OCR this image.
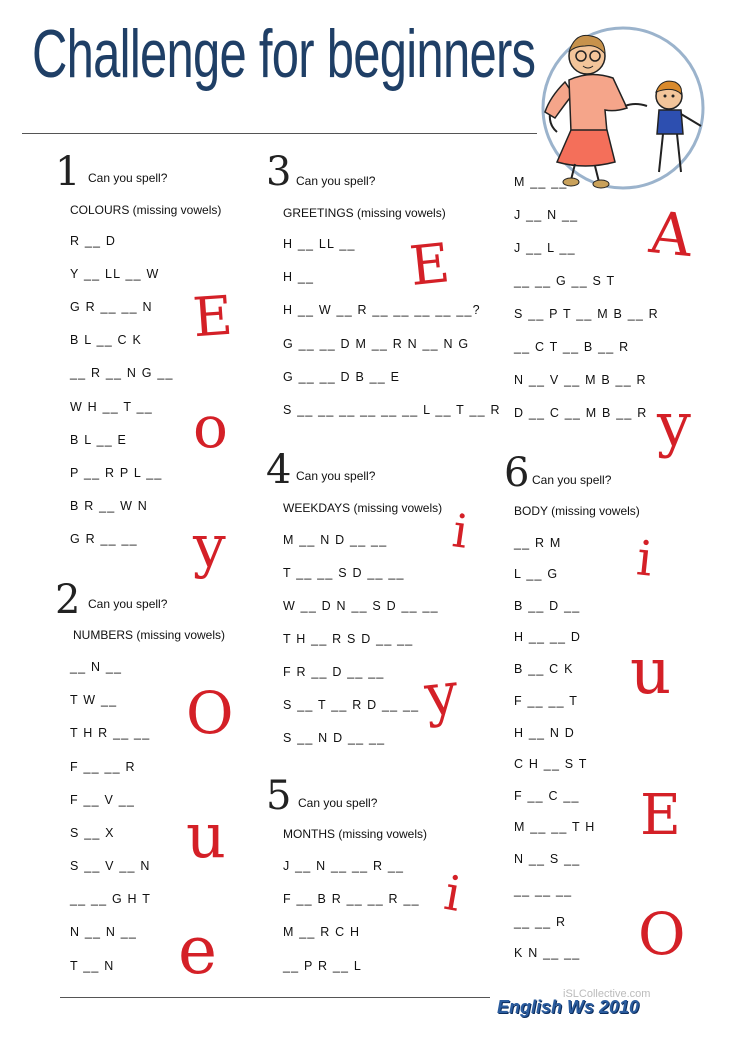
Challenge for beginners
1 Can you spell?
COLOURS (missing vowels)
R __ D
Y __ LL __ W
G R __ __ N
B L __ C K
__ R __ N G __
W H __ T __
B L __ E
P __ R P L __
B R __ W N
G R __ __
2 Can you spell?
NUMBERS (missing vowels)
__ N __
T W __
T H R __ __
F __ __ R
F __ V __
S __ X
S __ V __ N
__ __ G H T
N __ N __
T __ N
3 Can you spell?
GREETINGS (missing vowels)
H __ LL __
H __
H __ W __ R __ __ __ __ __?
G __ __ D M __ R N __ N G
G __ __ D B __ E
S __ __ __ __ __ __ L __ T __ R
4 Can you spell?
WEEKDAYS (missing vowels)
M __ N D __ __
T __ __ S D __ __
W __ D N __ S D __ __
T H __ R S D __ __
F R __ D __ __
S __ T __ R D __ __
S __ N D __ __
5 Can you spell?
MONTHS (missing vowels)
J __ N __ __ R __
F __ B R __ __ R __
M __ R C H
__ P R __ L
M __ __
J __ N __
J __ L __
__ __ G __ S T
S __ P T __ M B __ R
__ C T __ B __ R
N __ V __ M B __ R
D __ C __ M B __ R
6 Can you spell?
BODY (missing vowels)
__ R M
L __ G
B __ D __
H __ __ D
B __ C K
F __ __ T
H __ N D
C H __ S T
F __ C __
M __ __ T H
N __ S __
__ __ __
__ __ R
K N __ __
E
o
y
O
u
e
E
i
y
i
A
y
i
u
E
O
iSLCollective.com
English Ws 2010
